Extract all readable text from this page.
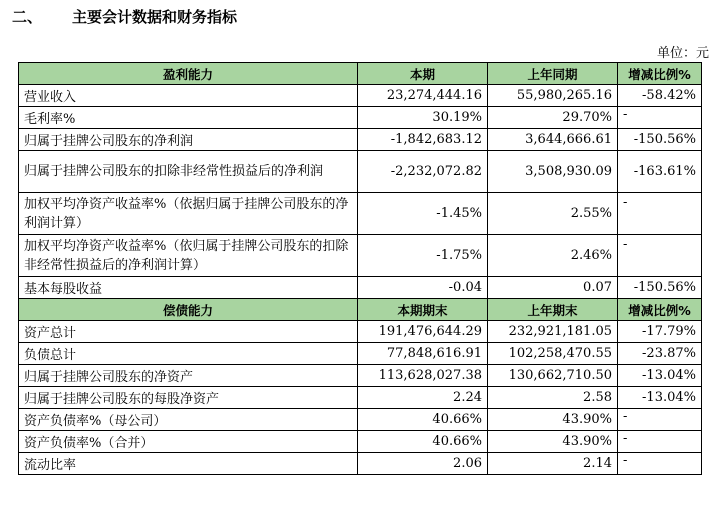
二、 主要会计数据和财务指标
单位：元
盈利能力	本期	上年同期	增减比例%
营业收入	23,274,444.16	55,980,265.16	-58.42%
毛利率%	30.19%	29.70%	-
归属于挂牌公司股东的净利润	-1,842,683.12	3,644,666.61	-150.56%
归属于挂牌公司股东的扣除非经常性损益后的净利润	-2,232,072.82	3,508,930.09	-163.61%
加权平均净资产收益率%（依据归属于挂牌公司股东的净利润计算）	-1.45%	2.55%	-
加权平均净资产收益率%（依归属于挂牌公司股东的扣除非经常性损益后的净利润计算）	-1.75%	2.46%	-
基本每股收益	-0.04	0.07	-150.56%
偿债能力	本期期末	上年期末	增减比例%
资产总计	191,476,644.29	232,921,181.05	-17.79%
负债总计	77,848,616.91	102,258,470.55	-23.87%
归属于挂牌公司股东的净资产	113,628,027.38	130,662,710.50	-13.04%
归属于挂牌公司股东的每股净资产	2.24	2.58	-13.04%
资产负债率%（母公司）	40.66%	43.90%	-
资产负债率%（合并）	40.66%	43.90%	-
流动比率	2.06	2.14	-
